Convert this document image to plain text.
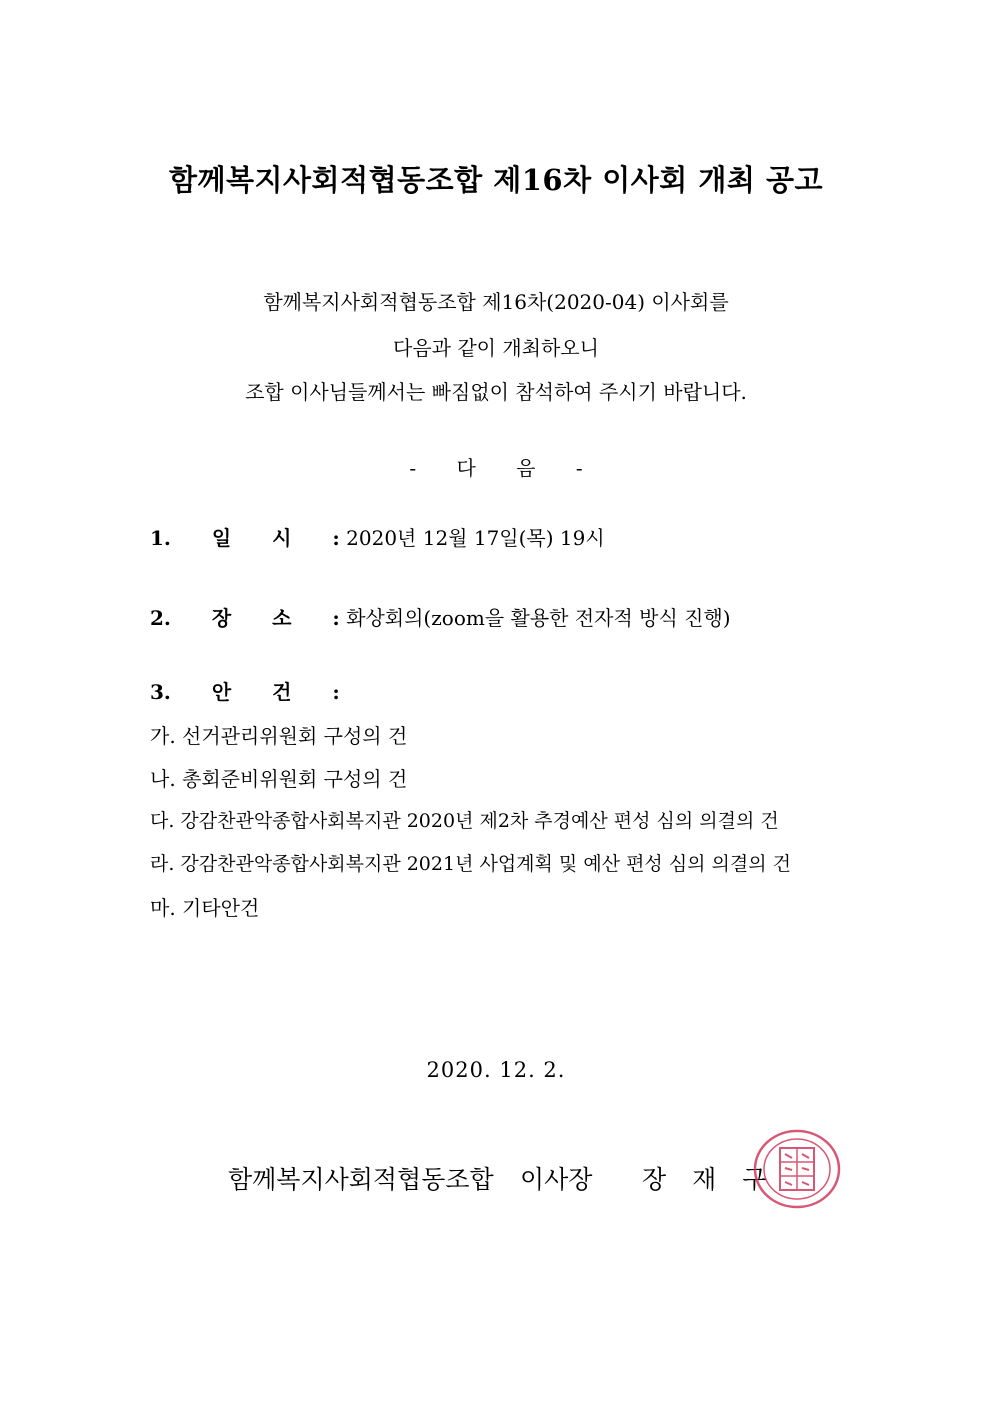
함께복지사회적협동조합 제16차 이사회 개최 공고
함께복지사회적협동조합 제16차(2020-04) 이사회를
다음과 같이 개최하오니
조합 이사님들께서는 빠짐없이 참석하여 주시기 바랍니다.
- 다 음 -
1. 일 시 : 2020년 12월 17일(목) 19시
2. 장 소 : 화상회의(zoom을 활용한 전자적 방식 진행)
3. 안 건 :
가. 선거관리위원회 구성의 건
나. 총회준비위원회 구성의 건
다. 강감찬관악종합사회복지관 2020년 제2차 추경예산 편성 심의 의결의 건
라. 강감찬관악종합사회복지관 2021년 사업계획 및 예산 편성 심의 의결의 건
마. 기타안건
2020. 12. 2.
함께복지사회적협동조합 이사장 장 재 구
